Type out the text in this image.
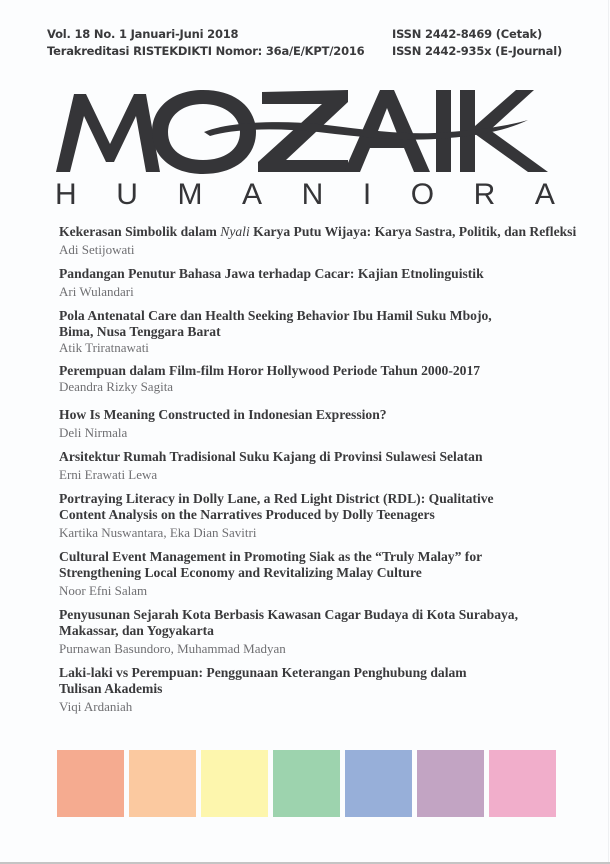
Vol. 18 No. 1 Januari-Juni 2018
Terakreditasi RISTEKDIKTI Nomor: 36a/E/KPT/2016
ISSN 2442-8469 (Cetak)
ISSN 2442-935x (E-Journal)
H U M A N I O R A
Kekerasan Simbolik dalam Nyali Karya Putu Wijaya: Karya Sastra, Politik, dan Refleksi
Adi Setijowati
Pandangan Penutur Bahasa Jawa terhadap Cacar: Kajian Etnolinguistik
Ari Wulandari
Pola Antenatal Care dan Health Seeking Behavior Ibu Hamil Suku Mbojo, Bima, Nusa Tenggara Barat
Atik Triratnawati
Perempuan dalam Film-film Horor Hollywood Periode Tahun 2000-2017
Deandra Rizky Sagita
How Is Meaning Constructed in Indonesian Expression?
Deli Nirmala
Arsitektur Rumah Tradisional Suku Kajang di Provinsi Sulawesi Selatan
Erni Erawati Lewa
Portraying Literacy in Dolly Lane, a Red Light District (RDL): Qualitative Content Analysis on the Narratives Produced by Dolly Teenagers
Kartika Nuswantara, Eka Dian Savitri
Cultural Event Management in Promoting Siak as the “Truly Malay” for Strengthening Local Economy and Revitalizing Malay Culture
Noor Efni Salam
Penyusunan Sejarah Kota Berbasis Kawasan Cagar Budaya di Kota Surabaya, Makassar, dan Yogyakarta
Purnawan Basundoro, Muhammad Madyan
Laki-laki vs Perempuan: Penggunaan Keterangan Penghubung dalam Tulisan Akademis
Viqi Ardaniah
